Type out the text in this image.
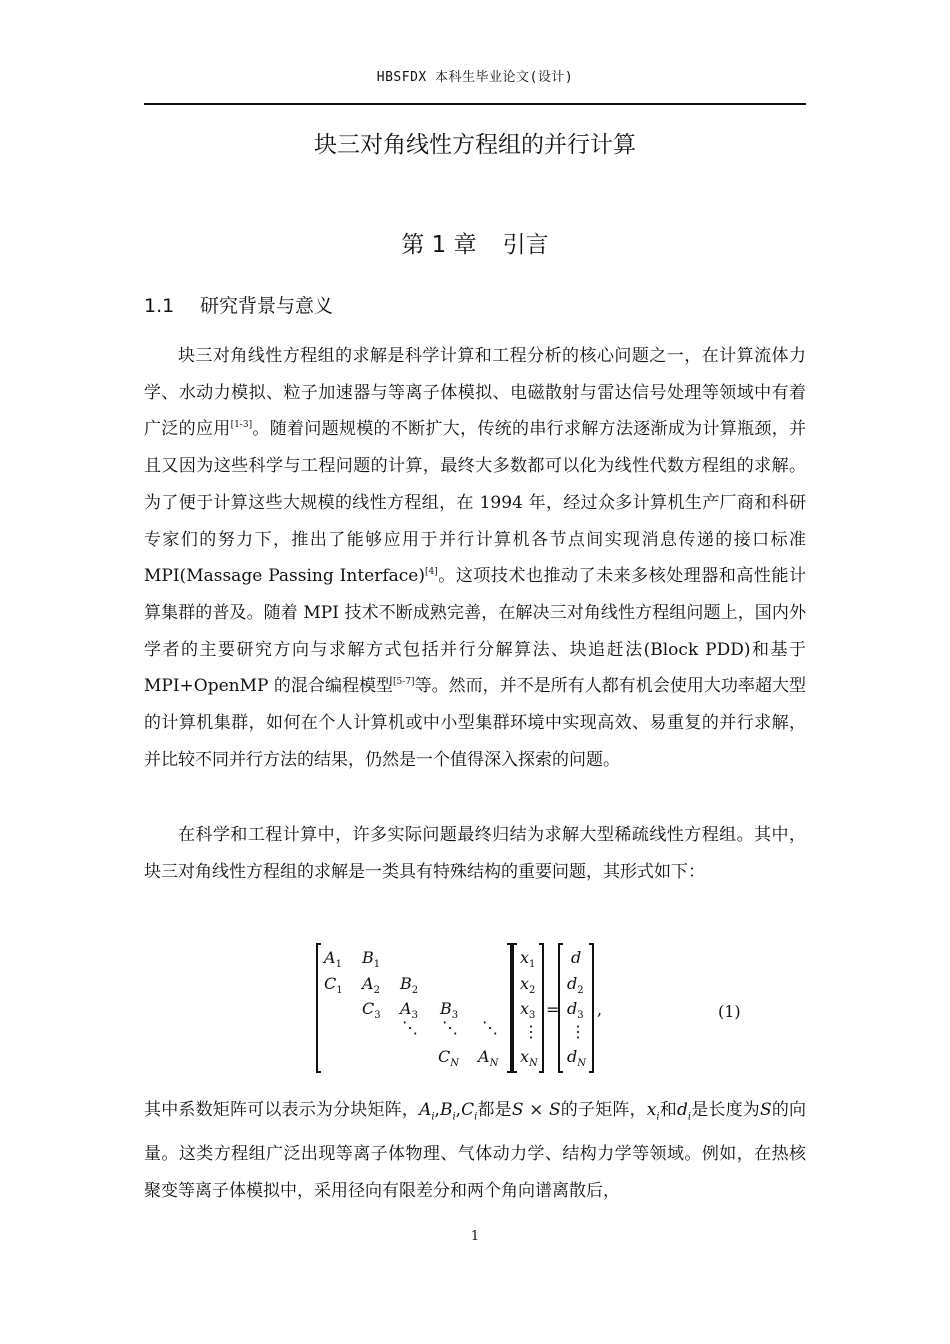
HBSFDX 本科生毕业论文(设计)
块三对角线性方程组的并行计算
第 1 章 引言
1.1 研究背景与意义

块三对角线性方程组的求解是科学计算和工程分析的核心问题之一，在计算流体力学、水动力模拟、粒子加速器与等离子体模拟、电磁散射与雷达信号处理等领域中有着广泛的应用[1-3]。随着问题规模的不断扩大，传统的串行求解方法逐渐成为计算瓶颈，并且又因为这些科学与工程问题的计算，最终大多数都可以化为线性代数方程组的求解。为了便于计算这些大规模的线性方程组，在 1994 年，经过众多计算机生产厂商和科研专家们的努力下，推出了能够应用于并行计算机各节点间实现消息传递的接口标准 MPI(Massage Passing Interface)[4]。这项技术也推动了未来多核处理器和高性能计算集群的普及。随着 MPI 技术不断成熟完善，在解决三对角线性方程组问题上，国内外学者的主要研究方向与求解方式包括并行分解算法、块追赶法(Block PDD)和基于 MPI+OpenMP 的混合编程模型[5-7]等。然而，并不是所有人都有机会使用大功率超大型的计算机集群，如何在个人计算机或中小型集群环境中实现高效、易重复的并行求解，并比较不同并行方法的结果，仍然是一个值得深入探索的问题。

在科学和工程计算中，许多实际问题最终归结为求解大型稀疏线性方程组。其中，块三对角线性方程组的求解是一类具有特殊结构的重要问题，其形式如下：

$A_1$ $B_1$
$C_1$ $A_2$ $B_2$
$C_3$ $A_3$ $B_3$
⋱ ⋱ ⋱
$C_N$ $A_N$
$x_1$
$x_2$
$x_3$
⋮
$x_N$
=
d
$d_2$
$d_3$
⋮
$d_N$
,	(1)

其中系数矩阵可以表示为分块矩阵，$A_i,B_i,C_i$都是S × S的子矩阵，$x_i$和$d_i$是长度为S的向量。这类方程组广泛出现等离子体物理、气体动力学、结构力学等领域。例如，在热核聚变等离子体模拟中，采用径向有限差分和两个角向谱离散后，

1
